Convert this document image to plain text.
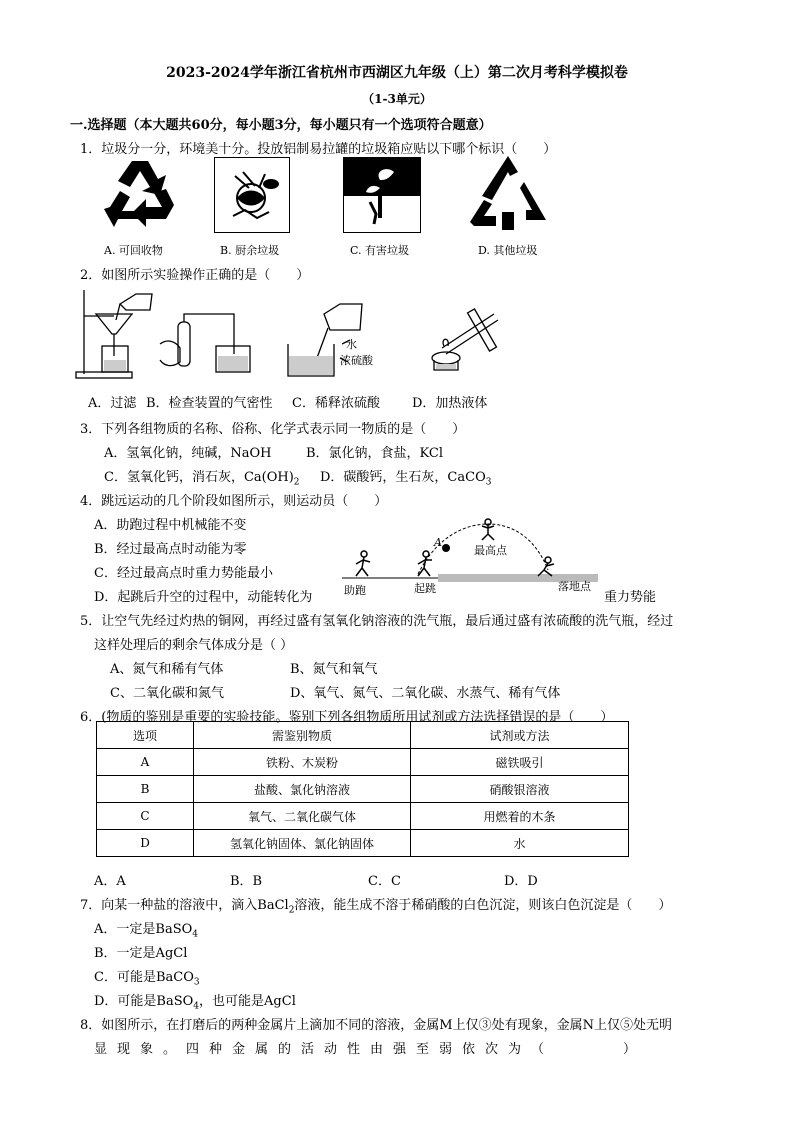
2023-2024学年浙江省杭州市西湖区九年级（上）第二次月考科学模拟卷
（1-3单元）
一.选择题（本大题共60分，每小题3分，每小题只有一个选项符合题意）
1．垃圾分一分，环境美十分。投放铝制易拉罐的垃圾箱应贴以下哪个标识（　　）
A. 可回收物	B. 厨余垃圾	C. 有害垃圾	D. 其他垃圾
2．如图所示实验操作正确的是（　　）
水
浓硫酸
A．过滤 B．检查装置的气密性 C．稀释浓硫酸 D．加热液体
3．下列各组物质的名称、俗称、化学式表示同一物质的是（　　）
A．氢氧化钠，纯碱，NaOH	B．氯化钠，食盐，KCl
C．氢氧化钙，消石灰，$Ca(OH)_2$ D．碳酸钙，生石灰，CaCO$_3$
4．跳远运动的几个阶段如图所示，则运动员（　　）
A．助跑过程中机械能不变
B．经过最高点时动能为零
C．经过最高点时重力势能最小
D．起跳后升空的过程中，动能转化为	重力势能
助跑	起跳
最高点
落地点
A
5．让空气先经过灼热的铜网，再经过盛有氢氧化钠溶液的洗气瓶，最后通过盛有浓硫酸的洗气瓶，经过
这样处理后的剩余气体成分是（ ）
A、氮气和稀有气体	B、氮气和氧气
C、二氧化碳和氮气	D、氧气、氮气、二氧化碳、水蒸气、稀有气体
6．(物质的鉴别是重要的实验技能。鉴别下列各组物质所用试剂或方法选择错误的是（　　）
选项	需鉴别物质	试剂或方法
A	铁粉、木炭粉	磁铁吸引
B	盐酸、氯化钠溶液	硝酸银溶液
C	氧气、二氧化碳气体	用燃着的木条
D	氢氧化钠固体、氯化钠固体	水
A．A	B．B	C．C	D．D
7．向某一种盐的溶液中，滴入BaCl$_2$溶液，能生成不溶于稀硝酸的白色沉淀，则该白色沉淀是（　　）
A．一定是BaSO$_4$
B．一定是AgCl
C．可能是BaCO$_3$
D．可能是BaSO$_4$，也可能是AgCl
8．如图所示，在打磨后的两种金属片上滴加不同的溶液，金属M上仅③处有现象，金属N上仅⑤处无明
显现象。四种金属的活动性由强至弱依次为（　　　）
